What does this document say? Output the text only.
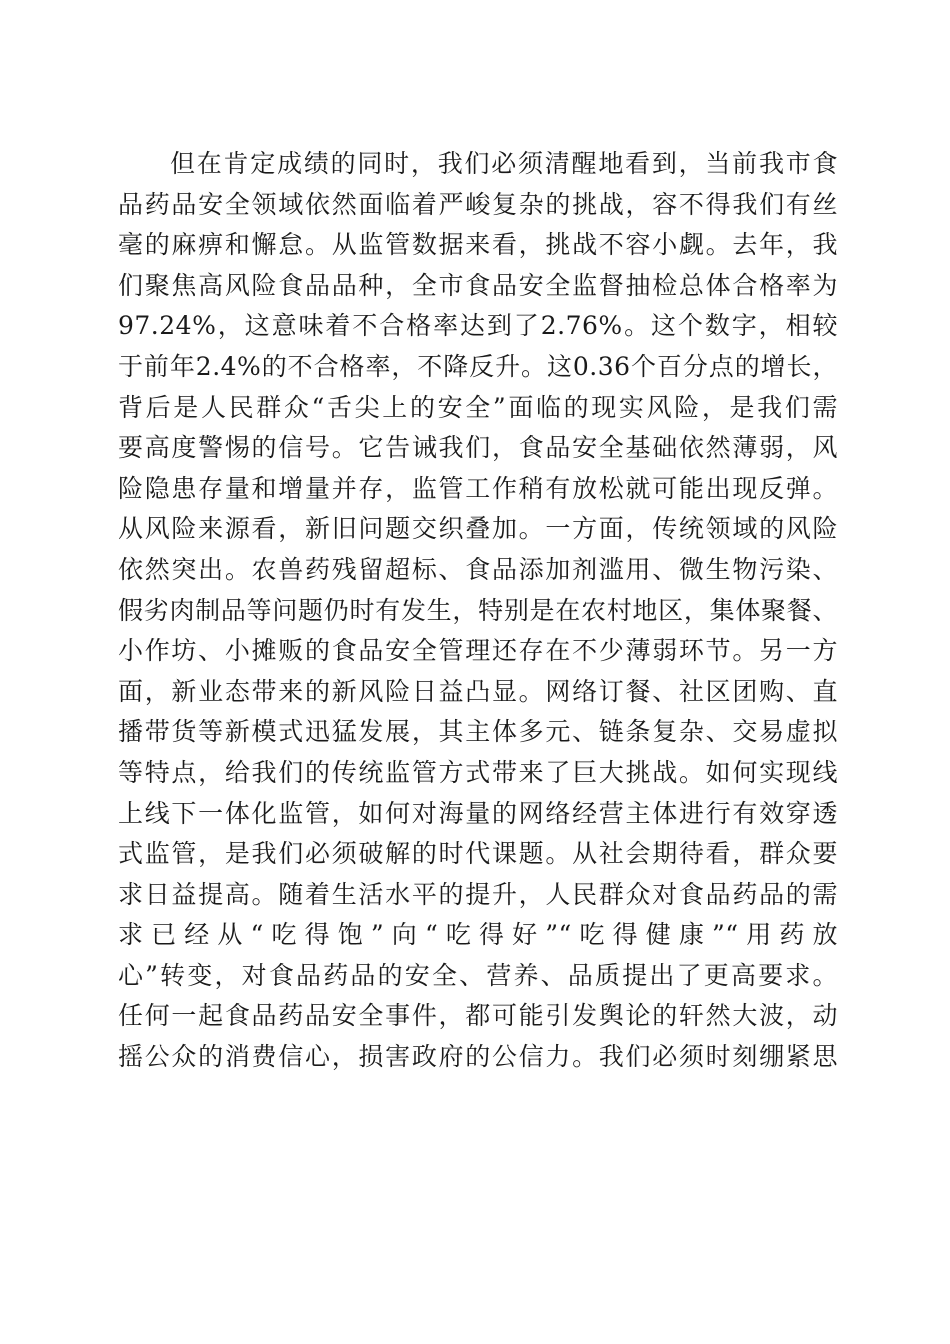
但在肯定成绩的同时，我们必须清醒地看到，当前我市食
品药品安全领域依然面临着严峻复杂的挑战，容不得我们有丝
毫的麻痹和懈怠。从监管数据来看，挑战不容小觑。去年，我
们聚焦高风险食品品种，全市食品安全监督抽检总体合格率为
97.24%，这意味着不合格率达到了2.76%。这个数字，相较
于前年2.4%的不合格率，不降反升。这0.36个百分点的增长，
背后是人民群众“舌尖上的安全”面临的现实风险，是我们需
要高度警惕的信号。它告诫我们，食品安全基础依然薄弱，风
险隐患存量和增量并存，监管工作稍有放松就可能出现反弹。
从风险来源看，新旧问题交织叠加。一方面，传统领域的风险
依然突出。农兽药残留超标、食品添加剂滥用、微生物污染、
假劣肉制品等问题仍时有发生，特别是在农村地区，集体聚餐、
小作坊、小摊贩的食品安全管理还存在不少薄弱环节。另一方
面，新业态带来的新风险日益凸显。网络订餐、社区团购、直
播带货等新模式迅猛发展，其主体多元、链条复杂、交易虚拟
等特点，给我们的传统监管方式带来了巨大挑战。如何实现线
上线下一体化监管，如何对海量的网络经营主体进行有效穿透
式监管，是我们必须破解的时代课题。从社会期待看，群众要
求日益提高。随着生活水平的提升，人民群众对食品药品的需
求已经从“吃得饱”向“吃得好”“吃得健康”“用药放
心”转变，对食品药品的安全、营养、品质提出了更高要求。
任何一起食品药品安全事件，都可能引发舆论的轩然大波，动
摇公众的消费信心，损害政府的公信力。我们必须时刻绷紧思
